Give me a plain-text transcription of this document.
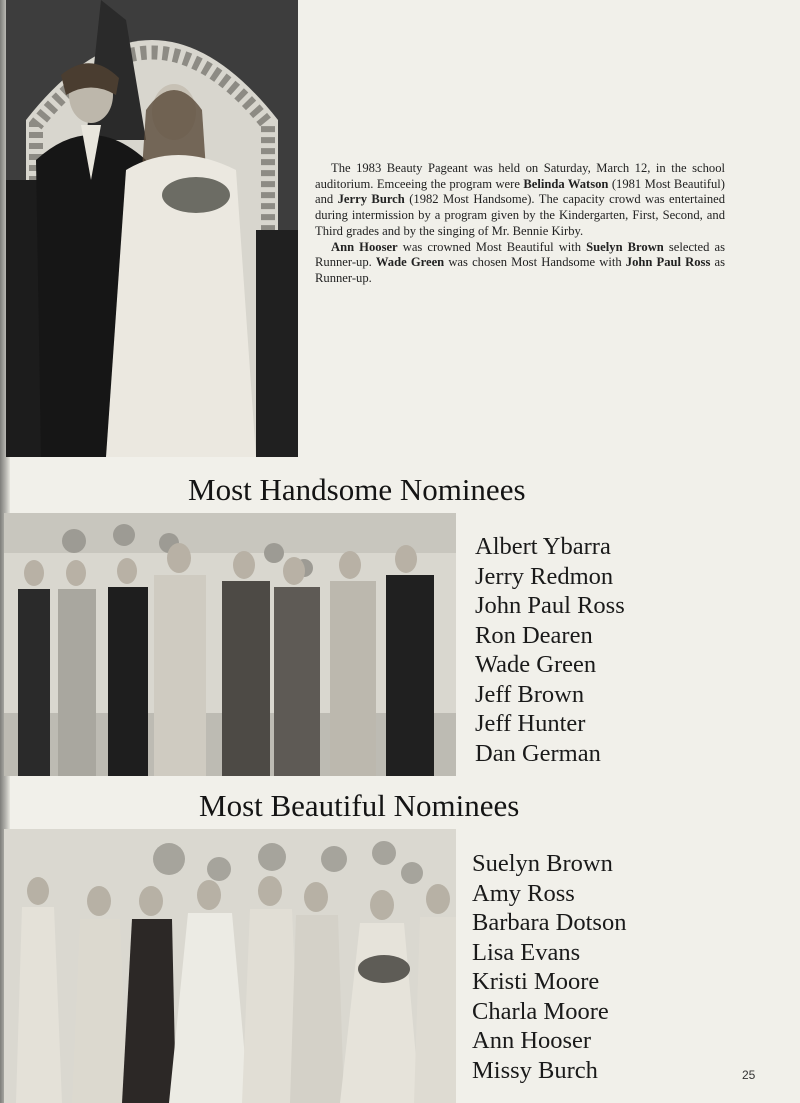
The 1983 Beauty Pageant was held on Saturday, March 12, in the school auditorium. Emceeing the program were Belinda Watson (1981 Most Beautiful) and Jerry Burch (1982 Most Handsome). The capacity crowd was entertained during intermission by a program given by the Kindergarten, First, Second, and Third grades and by the singing of Mr. Bennie Kirby.

Ann Hooser was crowned Most Beautiful with Suelyn Brown selected as Runner-up. Wade Green was chosen Most Handsome with John Paul Ross as Runner-up.

Most Handsome Nominees
Albert Ybarra
Jerry Redmon
John Paul Ross
Ron Dearen
Wade Green
Jeff Brown
Jeff Hunter
Dan German
Most Beautiful Nominees
Suelyn Brown
Amy Ross
Barbara Dotson
Lisa Evans
Kristi Moore
Charla Moore
Ann Hooser
Missy Burch	25
